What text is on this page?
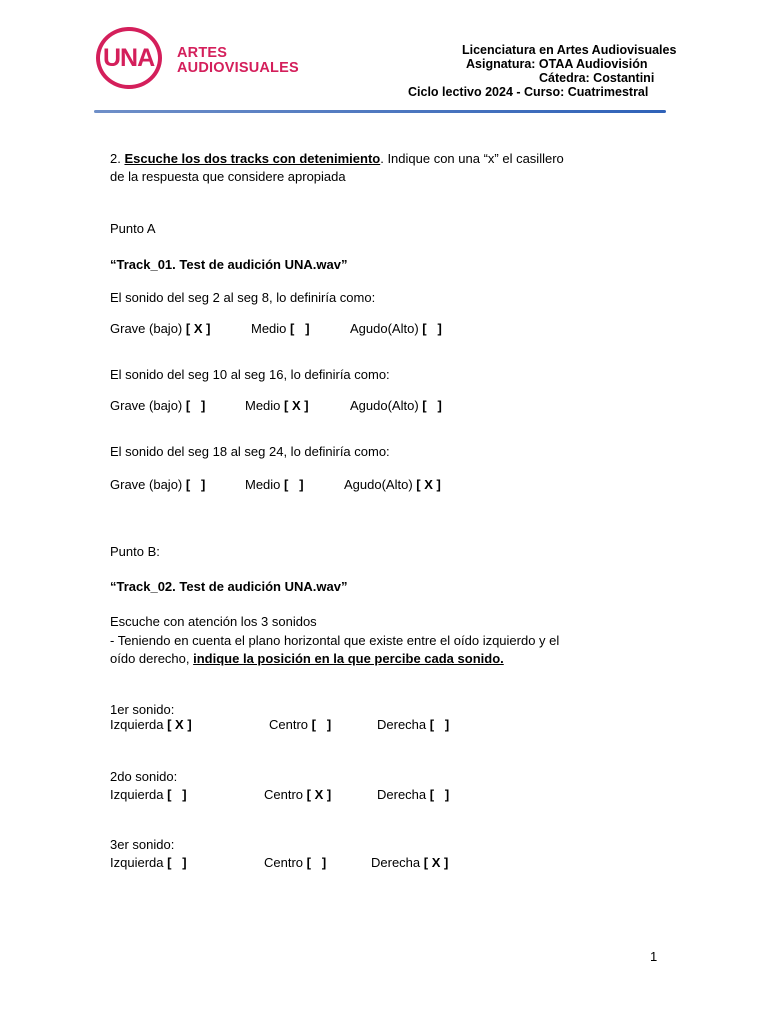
UNA ARTES
AUDIOVISUALES
Licenciatura en Artes Audiovisuales
Asignatura: OTAA Audiovisión
Cátedra: Costantini
Ciclo lectivo 2024 - Curso: Cuatrimestral
2. Escuche los dos tracks con detenimiento. Indique con una “x” el casillero
de la respuesta que considere apropiada
Punto A
“Track_01. Test de audición UNA.wav”
El sonido del seg 2 al seg 8, lo definiría como:
Grave (bajo) [ X ]	Medio [   ]	Agudo(Alto) [   ]
El sonido del seg 10 al seg 16, lo definiría como:
Grave (bajo) [   ]	Medio [ X ]	Agudo(Alto) [   ]
El sonido del seg 18 al seg 24, lo definiría como:
Grave (bajo) [   ]	Medio [   ]	Agudo(Alto) [ X ]
Punto B:
“Track_02. Test de audición UNA.wav”
Escuche con atención los 3 sonidos
- Teniendo en cuenta el plano horizontal que existe entre el oído izquierdo y el
oído derecho, indique la posición en la que percibe cada sonido.
1er sonido:
Izquierda [ X ]	Centro [   ]	Derecha [   ]
2do sonido:
Izquierda [   ]	Centro [ X ]	Derecha [   ]
3er sonido:
Izquierda [   ]	Centro [   ]	Derecha [ X ]
1
